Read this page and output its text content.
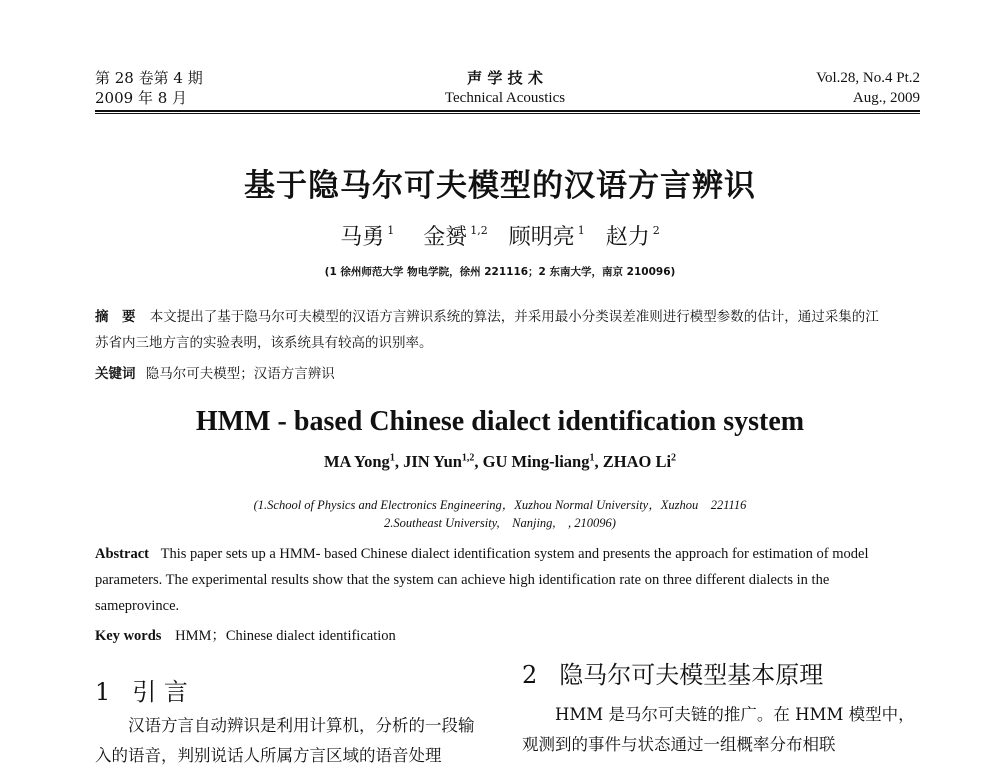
第 28 卷第 4 期
2009 年 8 月
声 学 技 术
Technical Acoustics
Vol.28, No.4 Pt.2
Aug., 2009
基于隐马尔可夫模型的汉语方言辨识
马勇 $^1$ 金赟 $^{1,2}$ 顾明亮 $^1$ 赵力 $^2$
(1 徐州师范大学 物电学院，徐州 221116；2 东南大学，南京 210096)
摘　要 本文提出了基于隐马尔可夫模型的汉语方言辨识系统的算法，并采用最小分类误差准则进行模型参数的估计，通过采集的江苏省内三地方言的实验表明，该系统具有较高的识别率。
关键词 隐马尔可夫模型；汉语方言辨识
HMM - based Chinese dialect identification system
MA Yong$^1$, JIN Yun$^{1,2}$, GU Ming-liang$^1$, ZHAO Li$^2$
(1.School of Physics and Electronics Engineering，Xuzhou Normal University，Xuzhou　221116
2.Southeast University,　Nanjing,　, 210096)
Abstract This paper sets up a HMM- based Chinese dialect identification system and presents the approach for estimation of model parameters. The experimental results show that the system can achieve high identification rate on three different dialects in the sameprovince.
Key words HMM；Chinese dialect identification
1 引 言
汉语方言自动辨识是利用计算机，分析的一段输入的语音，判别说话人所属方言区域的语音处理
2 隐马尔可夫模型基本原理
HMM 是马尔可夫链的推广。在 HMM 模型中，观测到的事件与状态通过一组概率分布相联
